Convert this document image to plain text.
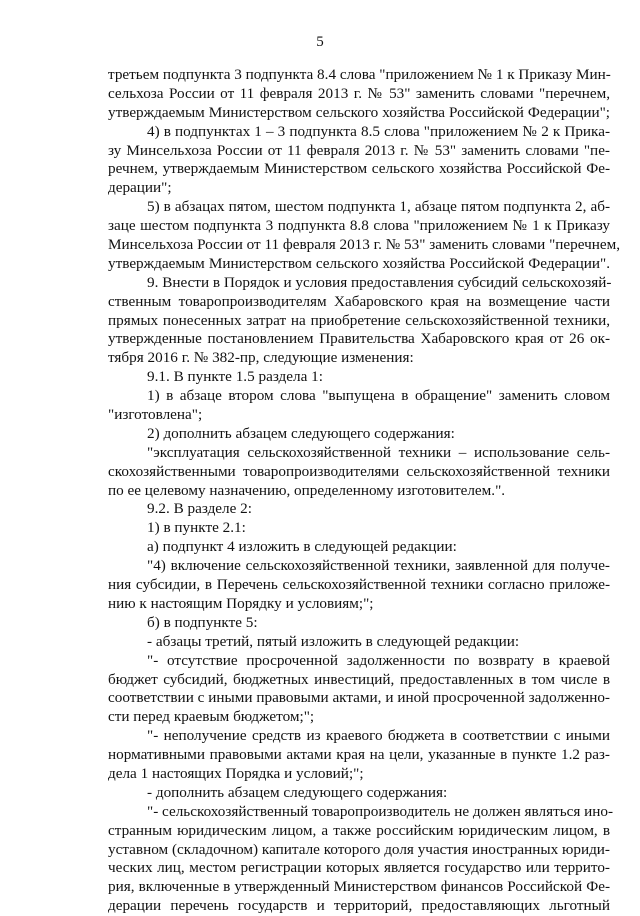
5
третьем подпункта 3 подпункта 8.4 слова "приложением № 1 к Приказу Мин-
сельхоза России от 11 февраля 2013 г. № 53" заменить словами "перечнем,
утверждаемым Министерством сельского хозяйства Российской Федерации";
4) в подпунктах 1 – 3 подпункта 8.5 слова "приложением № 2 к Прика-
зу Минсельхоза России от 11 февраля 2013 г. № 53" заменить словами "пе-
речнем, утверждаемым Министерством сельского хозяйства Российской Фе-
дерации";
5) в абзацах пятом, шестом подпункта 1, абзаце пятом подпункта 2, аб-
заце шестом подпункта 3 подпункта 8.8 слова "приложением № 1 к Приказу
Минсельхоза России от 11 февраля 2013 г. № 53" заменить словами "перечнем,
утверждаемым Министерством сельского хозяйства Российской Федерации".
9. Внести в Порядок и условия предоставления субсидий сельскохозяй-
ственным товаропроизводителям Хабаровского края на возмещение части
прямых понесенных затрат на приобретение сельскохозяйственной техники,
утвержденные постановлением Правительства Хабаровского края от 26 ок-
тября 2016 г. № 382-пр, следующие изменения:
9.1. В пункте 1.5 раздела 1:
1) в абзаце втором слова "выпущена в обращение" заменить словом
"изготовлена";
2) дополнить абзацем следующего содержания:
"эксплуатация сельскохозяйственной техники – использование сель-
скохозяйственными товаропроизводителями сельскохозяйственной техники
по ее целевому назначению, определенному изготовителем.".
9.2. В разделе 2:
1) в пункте 2.1:
а) подпункт 4 изложить в следующей редакции:
"4) включение сельскохозяйственной техники, заявленной для получе-
ния субсидии, в Перечень сельскохозяйственной техники согласно приложе-
нию к настоящим Порядку и условиям;";
б) в подпункте 5:
- абзацы третий, пятый изложить в следующей редакции:
"- отсутствие просроченной задолженности по возврату в краевой
бюджет субсидий, бюджетных инвестиций, предоставленных в том числе в
соответствии с иными правовыми актами, и иной просроченной задолженно-
сти перед краевым бюджетом;";
"- неполучение средств из краевого бюджета в соответствии с иными
нормативными правовыми актами края на цели, указанные в пункте 1.2 раз-
дела 1 настоящих Порядка и условий;";
- дополнить абзацем следующего содержания:
"- сельскохозяйственный товаропроизводитель не должен являться ино-
странным юридическим лицом, а также российским юридическим лицом, в
уставном (складочном) капитале которого доля участия иностранных юриди-
ческих лиц, местом регистрации которых является государство или террито-
рия, включенные в утвержденный Министерством финансов Российской Фе-
дерации перечень государств и территорий, предоставляющих льготный
